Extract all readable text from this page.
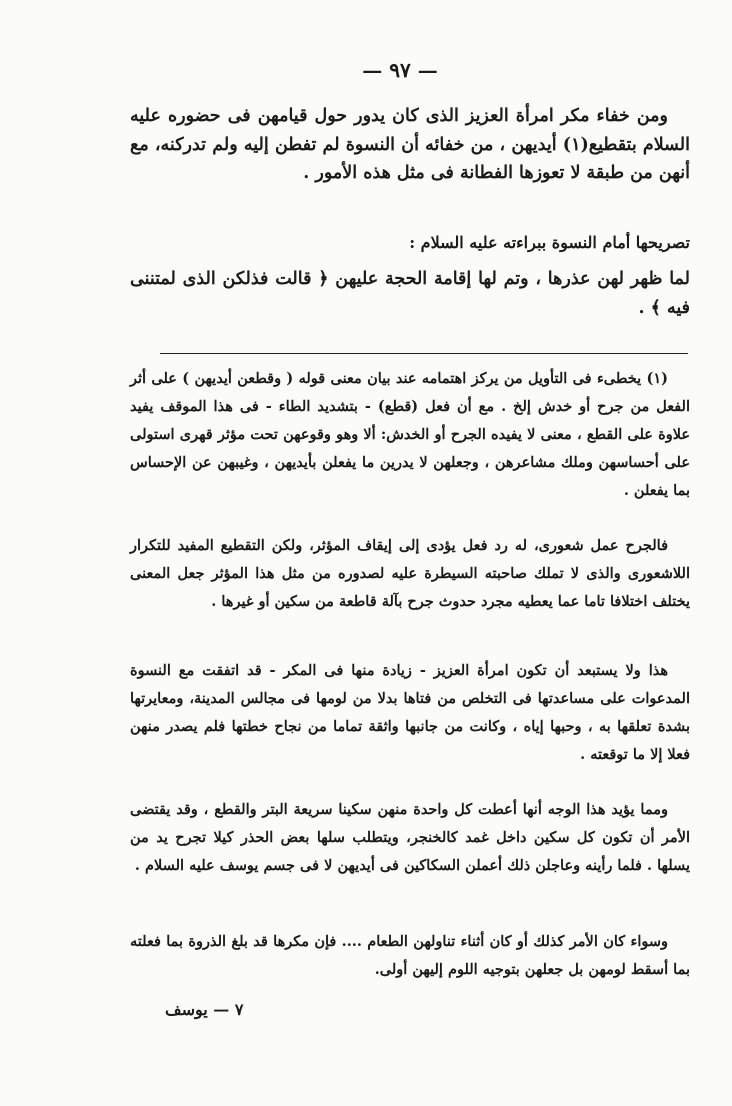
— ٩٧ —
ومن خفاء مكر امرأة العزيز الذى كان يدور حول قيامهن فى حضوره عليه السلام بتقطيع(١) أيديهن ، من خفائه أن النسوة لم تفطن إليه ولم تدركنه، مع أنهن من طبقة لا تعوزها الفطانة فى مثل هذه الأمور .
تصريحها أمام النسوة ببراءته عليه السلام :
لما ظهر لهن عذرها ، وتم لها إقامة الحجة عليهن ﴿ قالت فذلكن الذى لمتننى فيه ﴾ .
(١) يخطىء فى التأويل من يركز اهتمامه عند بيان معنى قوله ( وقطعن أيديهن ) على أثر الفعل من جرح أو خدش إلخ . مع أن فعل (قطع) - بتشديد الطاء - فى هذا الموقف يفيد علاوة على القطع ، معنى لا يفيده الجرح أو الخدش: ألا وهو وقوعهن تحت مؤثر قهرى استولى على أحساسهن وملك مشاعرهن ، وجعلهن لا يدرين ما يفعلن بأيديهن ، وغيبهن عن الإحساس بما يفعلن .
فالجرح عمل شعورى، له رد فعل يؤدى إلى إيقاف المؤثر، ولكن التقطيع المفيد للتكرار اللاشعورى والذى لا تملك صاحبته السيطرة عليه لصدوره من مثل هذا المؤثر جعل المعنى يختلف اختلافا تاما عما يعطيه مجرد حدوث جرح بآلة قاطعة من سكين أو غيرها .
هذا ولا يستبعد أن تكون امرأة العزيز - زيادة منها فى المكر - قد اتفقت مع النسوة المدعوات على مساعدتها فى التخلص من فتاها بدلا من لومها فى مجالس المدينة، ومعايرتها بشدة تعلقها به ، وحبها إياه ، وكانت من جانبها واثقة تماما من نجاح خطتها فلم يصدر منهن فعلا إلا ما توقعته .
ومما يؤيد هذا الوجه أنها أعطت كل واحدة منهن سكينا سريعة البتر والقطع ، وقد يقتضى الأمر أن تكون كل سكين داخل غمد كالخنجر، ويتطلب سلها بعض الحذر كيلا تجرح يد من يسلها . فلما رأينه وعاجلن ذلك أعملن السكاكين فى أيديهن لا فى جسم يوسف عليه السلام .
وسواء كان الأمر كذلك أو كان أثناء تناولهن الطعام .... فإن مكرها قد بلغ الذروة بما فعلته بما أسقط لومهن بل جعلهن بتوجيه اللوم إليهن أولى.
٧ — يوسف
